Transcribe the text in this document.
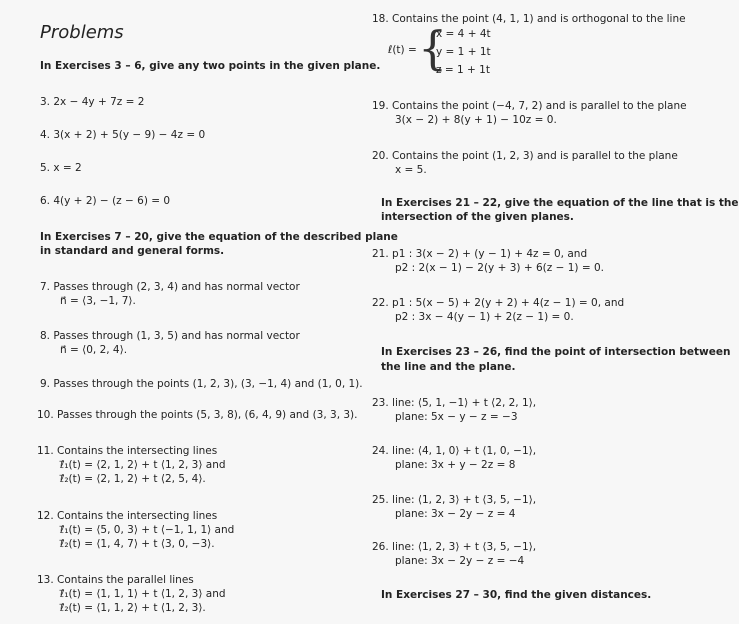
Problems
In Exercises 3 – 6, give any two points in the given plane.
3. 2x − 4y + 7z = 2
4. 3(x + 2) + 5(y − 9) − 4z = 0
5. x = 2
6. 4(y + 2) − (z − 6) = 0
In Exercises 7 – 20, give the equation of the described plane
in standard and general forms.
7. Passes through (2, 3, 4) and has normal vector
n⃗ = ⟨3, −1, 7⟩.
8. Passes through (1, 3, 5) and has normal vector
n⃗ = ⟨0, 2, 4⟩.
9. Passes through the points (1, 2, 3), (3, −1, 4) and (1, 0, 1).
10. Passes through the points (5, 3, 8), (6, 4, 9) and (3, 3, 3).
11. Contains the intersecting lines
ℓ⃗₁(t) = ⟨2, 1, 2⟩ + t ⟨1, 2, 3⟩ and
ℓ⃗₂(t) = ⟨2, 1, 2⟩ + t ⟨2, 5, 4⟩.
12. Contains the intersecting lines
ℓ⃗₁(t) = ⟨5, 0, 3⟩ + t ⟨−1, 1, 1⟩ and
ℓ⃗₂(t) = ⟨1, 4, 7⟩ + t ⟨3, 0, −3⟩.
13. Contains the parallel lines
ℓ⃗₁(t) = ⟨1, 1, 1⟩ + t ⟨1, 2, 3⟩ and
ℓ⃗₂(t) = ⟨1, 1, 2⟩ + t ⟨1, 2, 3⟩.
18. Contains the point (4, 1, 1) and is orthogonal to the line
ℓ(t) = {
x = 4 + 4t
y = 1 + 1t
z = 1 + 1t
19. Contains the point (−4, 7, 2) and is parallel to the plane
3(x − 2) + 8(y + 1) − 10z = 0.
20. Contains the point (1, 2, 3) and is parallel to the plane
x = 5.
In Exercises 21 – 22, give the equation of the line that is the
intersection of the given planes.
21. p1 : 3(x − 2) + (y − 1) + 4z = 0, and
p2 : 2(x − 1) − 2(y + 3) + 6(z − 1) = 0.
22. p1 : 5(x − 5) + 2(y + 2) + 4(z − 1) = 0, and
p2 : 3x − 4(y − 1) + 2(z − 1) = 0.
In Exercises 23 – 26, find the point of intersection between
the line and the plane.
23. line: ⟨5, 1, −1⟩ + t ⟨2, 2, 1⟩,
plane: 5x − y − z = −3
24. line: ⟨4, 1, 0⟩ + t ⟨1, 0, −1⟩,
plane: 3x + y − 2z = 8
25. line: ⟨1, 2, 3⟩ + t ⟨3, 5, −1⟩,
plane: 3x − 2y − z = 4
26. line: ⟨1, 2, 3⟩ + t ⟨3, 5, −1⟩,
plane: 3x − 2y − z = −4
In Exercises 27 – 30, find the given distances.
